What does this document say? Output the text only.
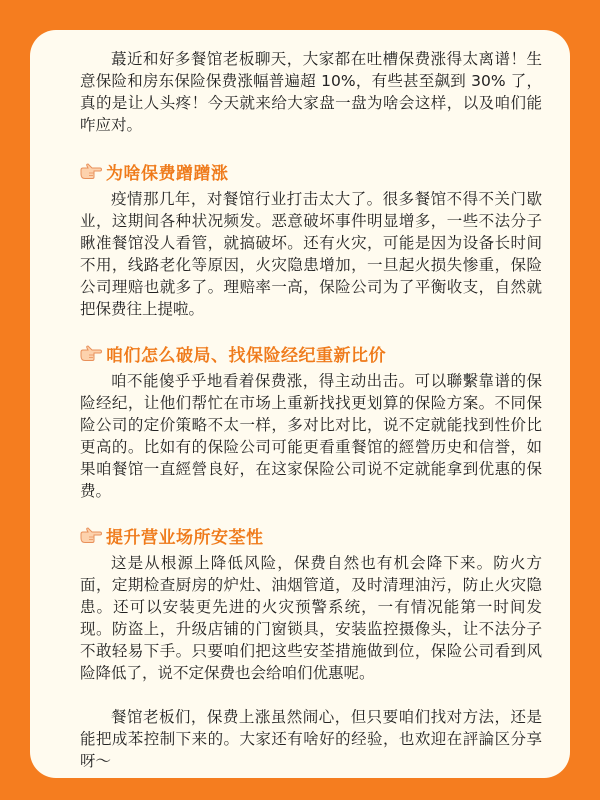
蕞近和好多餐馆老板聊天，大家都在吐槽保费涨得太离谱！生意保险和房东保险保费涨幅普遍超 10%，有些甚至飙到 30% 了，真的是让人头疼！今天就来给大家盘一盘为啥会这样，以及咱们能咋应对。

为啥保费蹭蹭涨

疫情那几年，对餐馆行业打击太大了。很多餐馆不得不关门歇业，这期间各种状况频发。恶意破坏事件明显增多，一些不法分子瞅准餐馆没人看管，就搞破坏。还有火灾，可能是因为设备长时间不用，线路老化等原因，火灾隐患增加，一旦起火损失惨重，保险公司理赔也就多了。理赔率一高，保险公司为了平衡收支，自然就把保费往上提啦。

咱们怎么破局、找保险经纪重新比价

咱不能傻乎乎地看着保费涨，得主动出击。可以聯繫靠谱的保险经纪，让他们帮忙在市场上重新找找更划算的保险方案。不同保险公司的定价策略不太一样，多对比对比，说不定就能找到性价比更高的。比如有的保险公司可能更看重餐馆的經營历史和信誉，如果咱餐馆一直經營良好，在这家保险公司说不定就能拿到优惠的保费。

提升营业场所安荃性

这是从根源上降低风险，保费自然也有机会降下来。防火方面，定期检查厨房的炉灶、油烟管道，及时清理油污，防止火灾隐患。还可以安装更先进的火灾预警系统，一有情况能第一时间发现。防盗上，升级店铺的门窗锁具，安装监控摄像头，让不法分子不敢轻易下手。只要咱们把这些安荃措施做到位，保险公司看到风险降低了，说不定保费也会给咱们优惠呢。

餐馆老板们，保费上涨虽然闹心，但只要咱们找对方法，还是能把成苯控制下来的。大家还有啥好的经验，也欢迎在評論区分享呀～
